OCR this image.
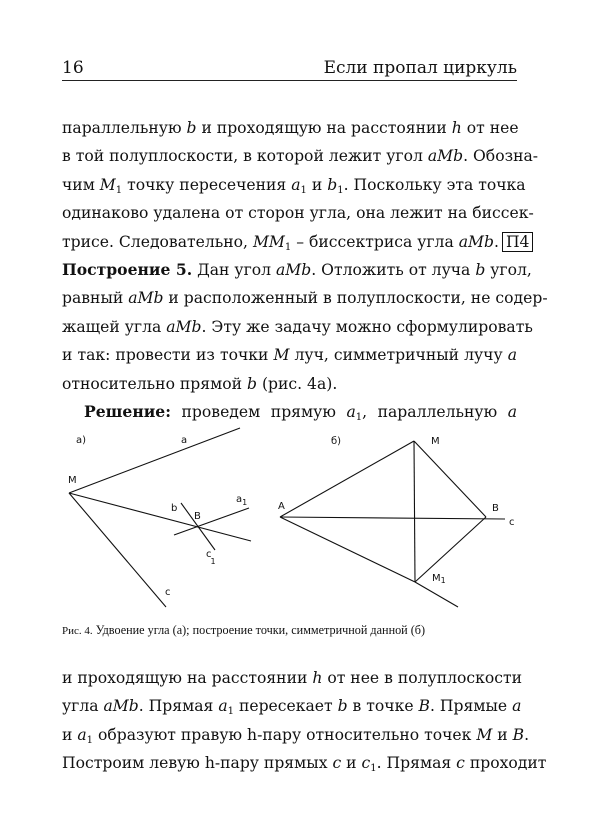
16	Если пропал циркуль
параллельную b и проходящую на расстоянии h от нее
в той полуплоскости, в которой лежит угол aMb. Обозна-
чим $M_1$ точку пересечения $a_1$ и $b_1$. Поскольку эта точка
одинаково удалена от сторон угла, она лежит на биссек-
трисе. Следовательно, $MM_1$ – биссектриса угла aMb. П4
Построение 5. Дан угол aMb. Отложить от луча b угол,
равный aMb и расположенный в полуплоскости, не содер-
жащей угла aMb. Эту же задачу можно сформулировать
и так: провести из точки M луч, симметричный лучу a
относительно прямой b (рис. 4а).
Решение: проведем прямую $a_1$, параллельную a
а)	a
M
b
B
$a_1$
c1
c
б)	M
A	B
c
$M_1$
Рис. 4. Удвоение угла (а); построение точки, симметричной данной (б)
и проходящую на расстоянии h от нее в полуплоскости
угла aMb. Прямая $a_1$ пересекает b в точке B. Прямые a
и $a_1$ образуют правую h-пару относительно точек M и B.
Построим левую h-пару прямых c и $c_1$. Прямая c проходит
